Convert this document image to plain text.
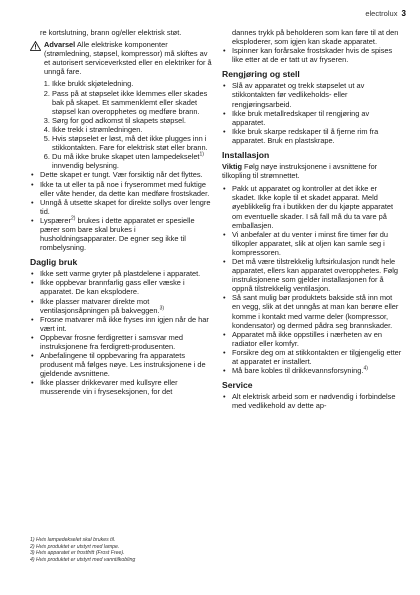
electrolux 3

re kortslutning, brann og/eller elektrisk støt.

Advarsel Alle elektriske komponenter (strømledning, støpsel, kompressor) må skiftes av et autorisert servicеverksted eller en elektriker for å unngå fare.
1. Ikke brukk skjøteledning.
2. Pass på at støpselet ikke klemmes eller skades bak på skapet. Et sammenklemt eller skadet støpsel kan overopphetes og medføre brann.
3. Sørg for god adkomst til skapets støpsel.
4. Ikke trekk i strømledningen.
5. Hvis støpselet er løst, må det ikke plugges inn i stikkontakten. Fare for elektrisk støt eller brann.
6. Du må ikke bruke skapet uten lampedekselet$^{1)}$ innvendig belysning.
• Dette skapet er tungt. Vær forsiktig når det flyttes.
• Ikke ta ut eller ta på noe i fryserommet med fuktige eller våte hender, da dette kan medføre frostskader.
• Unngå å utsette skapet for direkte sollys over lengre tid.
• Lyspærer$^{2)}$ brukes i dette apparatet er spesielle pærer som bare skal brukes i husholdningsapparater. De egner seg ikke til rombelysning.
Daglig bruk
• Ikke sett varme gryter på plastdelene i apparatet.
• Ikke oppbevar brannfarlig gass eller væske i apparatet. De kan eksplodere.
• Ikke plasser matvarer direkte mot ventilasjonsåpningen på bakveggen.$^{3)}$
• Frosne matvarer må ikke fryses inn igjen når de har vært int.
• Oppbevar frosne ferdigretter i samsvar med instruksjonene fra ferdigrett-produsenten.
• Anbefalingene til oppbevaring fra apparatets produsent må følges nøye. Les instruksjonene i de gjeldende avsnittene.
• Ikke plasser drikkevarer med kullsyre eller musserende vin i fryseseksjonen, for det

dannes trykk på beholderen som kan føre til at den eksploderer, som igjen kan skade apparatet.

• Ispinner kan forårsake frostskader hvis de spises like etter at de er tatt ut av fryseren.
Rengjøring og stell
• Slå av apparatet og trekk støpselet ut av stikkontakten før vedlikeholds- eller rengjøringsarbeid.
• Ikke bruk metallredskaper til rengjøring av apparatet.
• Ikke bruk skarpe redskaper til å fjerne rim fra apparatet. Bruk en plastskrape.
Installasjon

Viktig Følg nøye instruksjonene i avsnittene for tilkopling til strømnettet.

• Pakk ut apparatet og kontroller at det ikke er skadet. Ikke kople til et skadet apparat. Meld øyeblikkelig fra i butikken der du kjøpte apparatet om eventuelle skader. I så fall må du ta vare på emballasjen.
• Vi anbefaler at du venter i minst fire timer før du tilkopler apparatet, slik at oljen kan samle seg i kompressoren.
• Det må være tilstrekkelig luftsirkulasjon rundt hele apparatet, ellers kan apparatet overopphetes. Følg instruksjonene som gjelder installasjonen for å oppnå tilstrekkelig ventilasjon.
• Så sant mulig bør produktets bakside stå inn mot en vegg, slik at det unngås at man kan berøre eller komme i kontakt med varme deler (kompressor, kondensator) og dermed pådra seg brannskader.
• Apparatet må ikke oppstilles i nærheten av en radiator eller komfyr.
• Forsikre deg om at stikkontakten er tilgjengelig etter at apparatet er installert.
• Må bare kobles til drikkevannsforsyning.$^{4)}$
Service
• Alt elektrisk arbeid som er nødvendig i forbindelse med vedlikehold av dette ap-
1) Hvis lampedekselet skal brukes til.
2) Hvis produktet er utstyrt med lampe.
3) Hvis apparatet er frostfritt (Frost Free).
4) Hvis produktet er utstyrt med vanntilkobling
